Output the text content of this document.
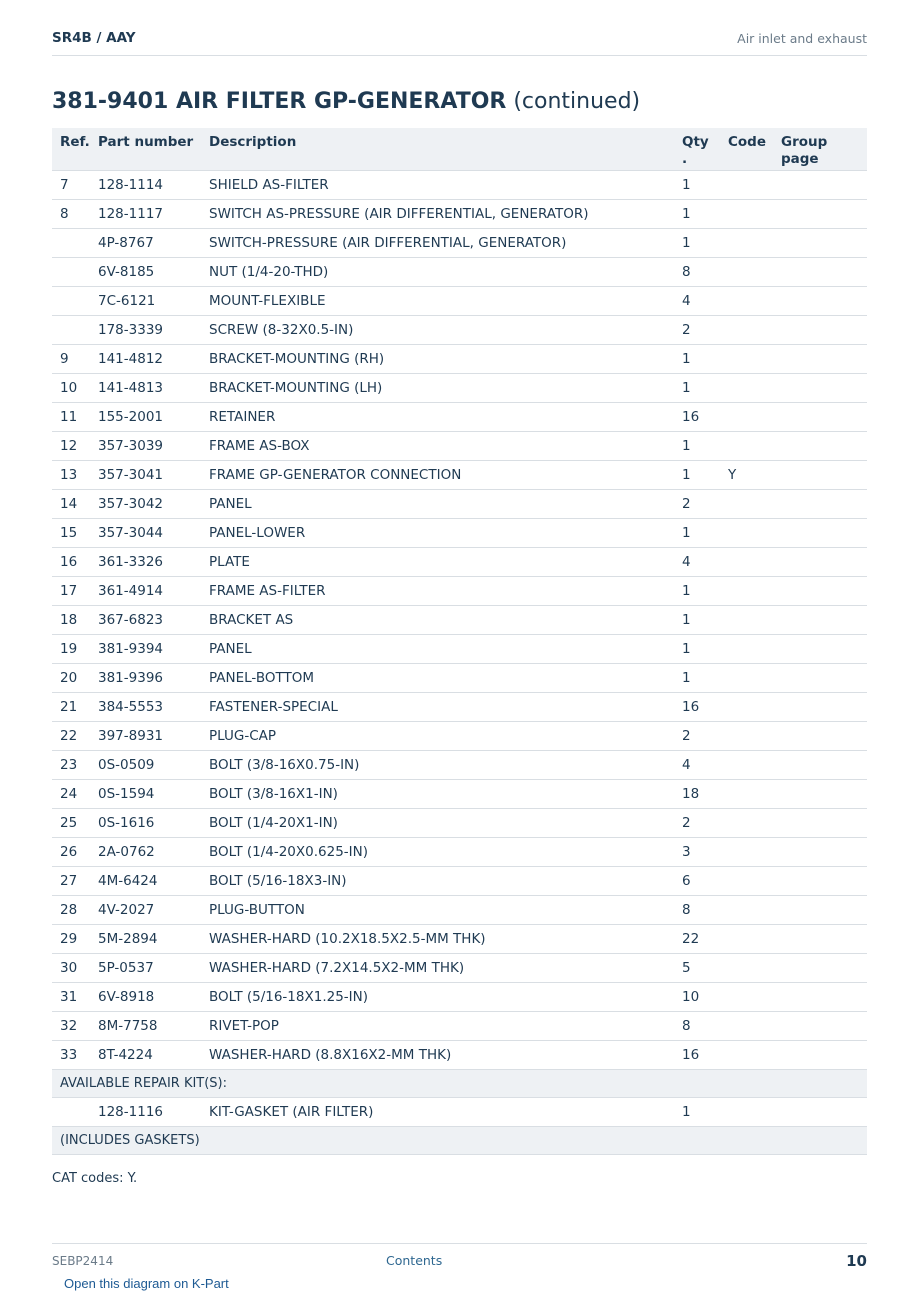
SR4B / AAY	Air inlet and exhaust
381-9401 AIR FILTER GP-GENERATOR (continued)
Ref.	Part number	Description	Qty .	Code	Group page

7	128-1114	SHIELD AS-FILTER	1		
8	128-1117	SWITCH AS-PRESSURE (AIR DIFFERENTIAL, GENERATOR)	1		
	4P-8767	SWITCH-PRESSURE (AIR DIFFERENTIAL, GENERATOR)	1		
	6V-8185	NUT (1/4-20-THD)	8		
	7C-6121	MOUNT-FLEXIBLE	4		
	178-3339	SCREW (8-32X0.5-IN)	2		
9	141-4812	BRACKET-MOUNTING (RH)	1		
10	141-4813	BRACKET-MOUNTING (LH)	1		
11	155-2001	RETAINER	16		
12	357-3039	FRAME AS-BOX	1		
13	357-3041	FRAME GP-GENERATOR CONNECTION	1	Y	
14	357-3042	PANEL	2		
15	357-3044	PANEL-LOWER	1		
16	361-3326	PLATE	4		
17	361-4914	FRAME AS-FILTER	1		
18	367-6823	BRACKET AS	1		
19	381-9394	PANEL	1		
20	381-9396	PANEL-BOTTOM	1		
21	384-5553	FASTENER-SPECIAL	16		
22	397-8931	PLUG-CAP	2		
23	0S-0509	BOLT (3/8-16X0.75-IN)	4		
24	0S-1594	BOLT (3/8-16X1-IN)	18		
25	0S-1616	BOLT (1/4-20X1-IN)	2		
26	2A-0762	BOLT (1/4-20X0.625-IN)	3		
27	4M-6424	BOLT (5/16-18X3-IN)	6		
28	4V-2027	PLUG-BUTTON	8		
29	5M-2894	WASHER-HARD (10.2X18.5X2.5-MM THK)	22		
30	5P-0537	WASHER-HARD (7.2X14.5X2-MM THK)	5		
31	6V-8918	BOLT (5/16-18X1.25-IN)	10		
32	8M-7758	RIVET-POP	8		
33	8T-4224	WASHER-HARD (8.8X16X2-MM THK)	16		
AVAILABLE REPAIR KIT(S):					
	128-1116	KIT-GASKET (AIR FILTER)	1		
(INCLUDES GASKETS)					
CAT codes: Y.
SEBP2414	Contents	10
Open this diagram on K-Part
